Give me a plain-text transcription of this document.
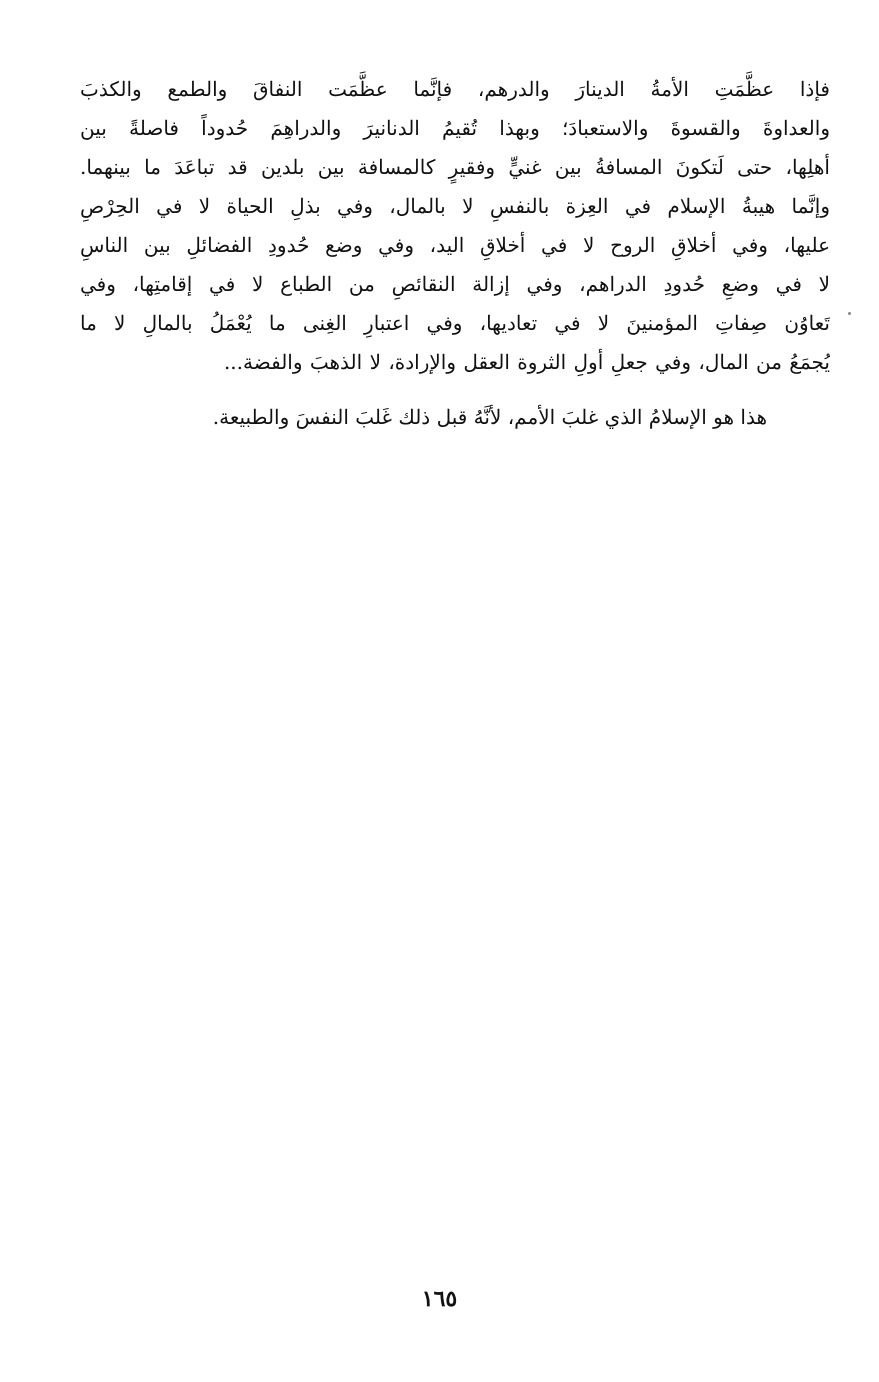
فإذا عظَّمَتِ الأمةُ الدينارَ والدرهم، فإنَّما عظَّمَت النفاقَ والطمع والكذبَ
والعداوةَ والقسوةَ والاستعبادَ؛ وبهذا تُقيمُ الدنانيرَ والدراهِمَ حُدوداً فاصلةً بين
أهلِها، حتى لَتكونَ المسافةُ بين غنيٍّ وفقيرٍ كالمسافة بين بلدين قد تباعَدَ ما بينهما.
وإنَّما هيبةُ الإسلام في العِزة بالنفسِ لا بالمال، وفي بذلِ الحياة لا في الحِرْصِ
عليها، وفي أخلاقِ الروح لا في أخلاقِ اليد، وفي وضع حُدودِ الفضائلِ بين الناسِ
لا في وضعِ حُدودِ الدراهم، وفي إزالة النقائصِ من الطباع لا في إقامتِها، وفي
تَعاوُن صِفاتِ المؤمنينَ لا في تعاديها، وفي اعتبارِ الغِنى ما يُعْمَلُ بالمالِ لا ما
يُجمَعُ من المال، وفي جعلِ أولِ الثروة العقل والإرادة، لا الذهبَ والفضة...
هذا هو الإسلامُ الذي غلبَ الأمم، لأنَّهُ قبل ذلك غَلبَ النفسَ والطبيعة.
١٦٥
